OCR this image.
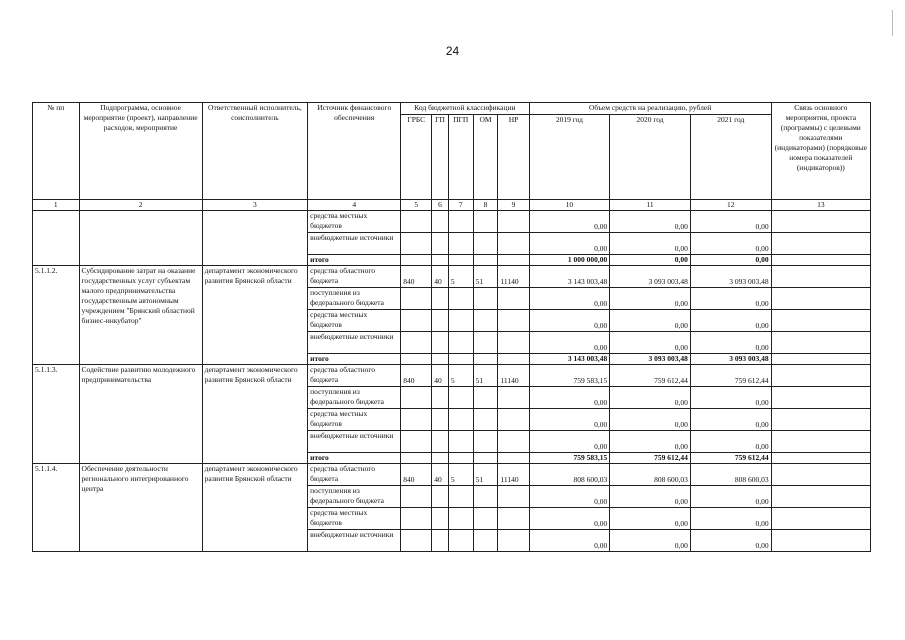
24
№ пп	Подпрограмма, основное мероприятие (проект), направление расходов, мероприятие	Ответственный исполнитель, соисполнитель	Источник финансового обеспечения	Код бюджетной классификации					Объем средств на реализацию, рублей			Связь основного мероприятия, проекта (программы) с целевыми показателями (индикаторами) (порядковые номера показателей (индикаторов))
				ГРБС	ГП	ПГП	ОМ	НР	2019 год	2020 год	2021 год	
1	2	3	4	5	6	7	8	9	10	11	12	13
			средства местных бюджетов						0,00	0,00	0,00	
			внебюджетные источники						0,00	0,00	0,00	
			итого						1 000 000,00	0,00	0,00	
5.1.1.2.	Субсидирование затрат на оказание государственных услуг субъектам малого предпринимательства государственным автономным учреждением "Брянский областной бизнес-инкубатор"	департамент экономического развития Брянской области	средства областного бюджета	840	40	5	51	11140	3 143 003,48	3 093 003,48	3 093 003,48	
			поступления из федерального бюджета						0,00	0,00	0,00	
			средства местных бюджетов						0,00	0,00	0,00	
			внебюджетные источники						0,00	0,00	0,00	
			итого						3 143 003,48	3 093 003,48	3 093 003,48	
5.1.1.3.	Содействие развитию молодежного предпринимательства	департамент экономического развития Брянской области	средства областного бюджета	840	40	5	51	11140	759 583,15	759 612,44	759 612,44	
			поступления из федерального бюджета						0,00	0,00	0,00	
			средства местных бюджетов						0,00	0,00	0,00	
			внебюджетные источники						0,00	0,00	0,00	
			итого						759 583,15	759 612,44	759 612,44	
5.1.1.4.	Обеспечение деятельности регионального интегрированного центра	департамент экономического развития Брянской области	средства областного бюджета	840	40	5	51	11140	808 600,03	808 600,03	808 600,03	
			поступления из федерального бюджета						0,00	0,00	0,00	
			средства местных бюджетов						0,00	0,00	0,00	
			внебюджетные источники						0,00	0,00	0,00	
